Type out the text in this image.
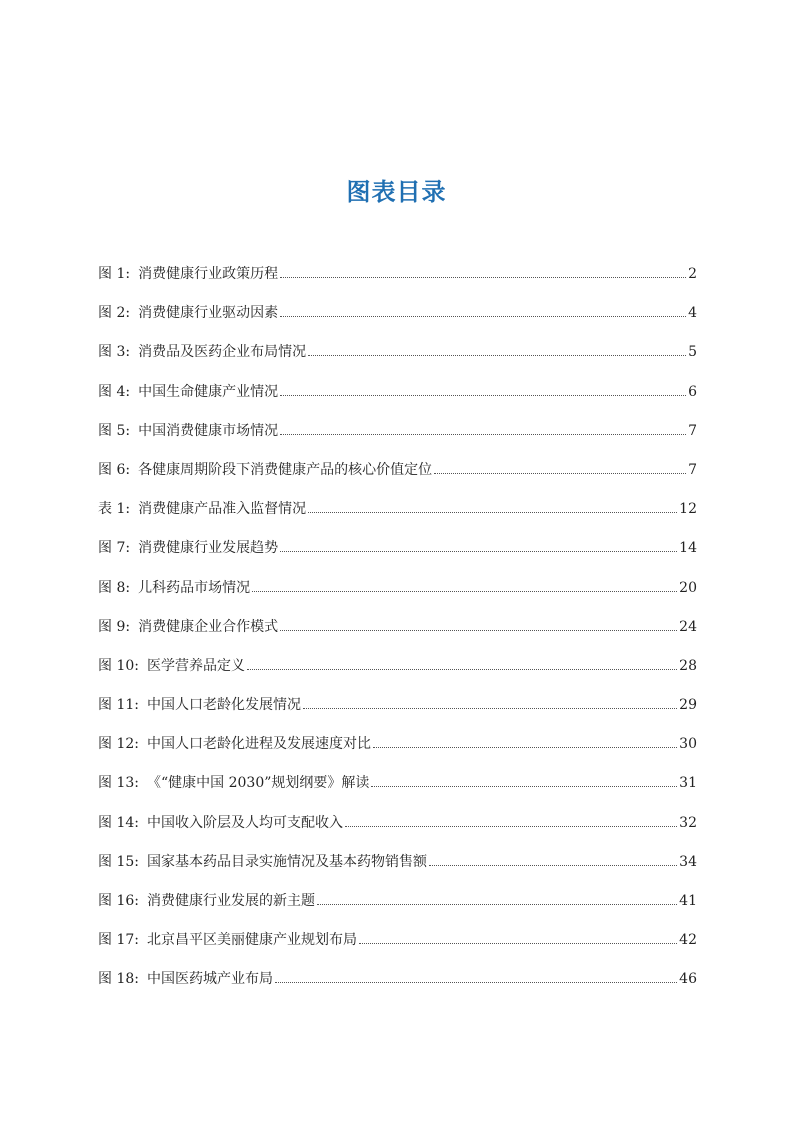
图表目录
图 1: 消费健康行业政策历程	2
图 2: 消费健康行业驱动因素	4
图 3: 消费品及医药企业布局情况	5
图 4: 中国生命健康产业情况	6
图 5: 中国消费健康市场情况	7
图 6: 各健康周期阶段下消费健康产品的核心价值定位	7
表 1: 消费健康产品准入监督情况	12
图 7: 消费健康行业发展趋势	14
图 8: 儿科药品市场情况	20
图 9: 消费健康企业合作模式	24
图 10: 医学营养品定义	28
图 11: 中国人口老龄化发展情况	29
图 12: 中国人口老龄化进程及发展速度对比	30
图 13: 《“健康中国 2030”规划纲要》解读	31
图 14: 中国收入阶层及人均可支配收入	32
图 15: 国家基本药品目录实施情况及基本药物销售额	34
图 16: 消费健康行业发展的新主题	41
图 17: 北京昌平区美丽健康产业规划布局	42
图 18: 中国医药城产业布局	46
